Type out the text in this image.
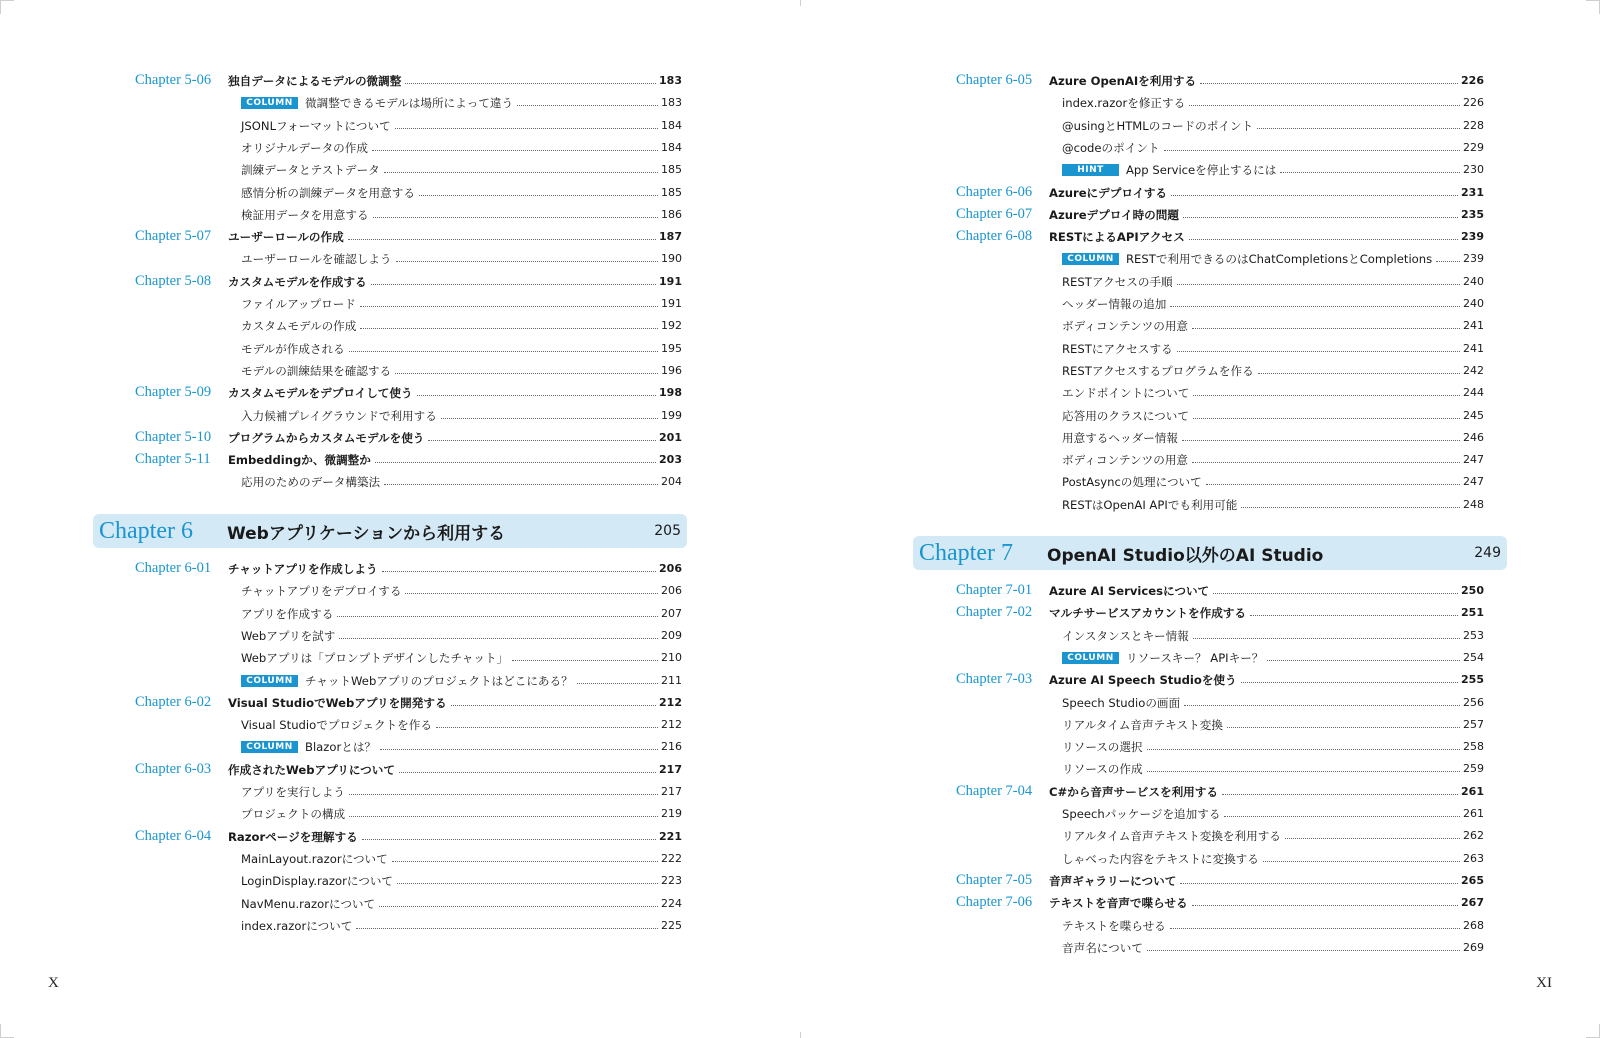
Chapter 5-06	独自データによるモデルの微調整	183
COLUMN	微調整できるモデルは場所によって違う	183
JSONLフォーマットについて	184
オリジナルデータの作成	184
訓練データとテストデータ	185
感情分析の訓練データを用意する	185
検証用データを用意する	186
Chapter 5-07	ユーザーロールの作成	187
ユーザーロールを確認しよう	190
Chapter 5-08	カスタムモデルを作成する	191
ファイルアップロード	191
カスタムモデルの作成	192
モデルが作成される	195
モデルの訓練結果を確認する	196
Chapter 5-09	カスタムモデルをデプロイして使う	198
入力候補プレイグラウンドで利用する	199
Chapter 5-10	プログラムからカスタムモデルを使う	201
Chapter 5-11	Embeddingか、微調整か	203
応用のためのデータ構築法	204
Chapter 6	Webアプリケーションから利用する	205
Chapter 6-01	チャットアプリを作成しよう	206
チャットアプリをデプロイする	206
アプリを作成する	207
Webアプリを試す	209
Webアプリは「プロンプトデザインしたチャット」	210
COLUMN	チャットWebアプリのプロジェクトはどこにある？	211
Chapter 6-02	Visual StudioでWebアプリを開発する	212
Visual Studioでプロジェクトを作る	212
COLUMN	Blazorとは？	216
Chapter 6-03	作成されたWebアプリについて	217
アプリを実行しよう	217
プロジェクトの構成	219
Chapter 6-04	Razorページを理解する	221
MainLayout.razorについて	222
LoginDisplay.razorについて	223
NavMenu.razorについて	224
index.razorについて	225
X
Chapter 6-05	Azure OpenAIを利用する	226
index.razorを修正する	226
@usingとHTMLのコードのポイント	228
@codeのポイント	229
HINT	App Serviceを停止するには	230
Chapter 6-06	Azureにデプロイする	231
Chapter 6-07	Azureデプロイ時の問題	235
Chapter 6-08	RESTによるAPIアクセス	239
COLUMN	RESTで利用できるのはChatCompletionsとCompletions	239
RESTアクセスの手順	240
ヘッダー情報の追加	240
ボディコンテンツの用意	241
RESTにアクセスする	241
RESTアクセスするプログラムを作る	242
エンドポイントについて	244
応答用のクラスについて	245
用意するヘッダー情報	246
ボディコンテンツの用意	247
PostAsyncの処理について	247
RESTはOpenAI APIでも利用可能	248
Chapter 7	OpenAI Studio以外のAI Studio	249
Chapter 7-01	Azure AI Servicesについて	250
Chapter 7-02	マルチサービスアカウントを作成する	251
インスタンスとキー情報	253
COLUMN	リソースキー？ APIキー？	254
Chapter 7-03	Azure AI Speech Studioを使う	255
Speech Studioの画面	256
リアルタイム音声テキスト変換	257
リソースの選択	258
リソースの作成	259
Chapter 7-04	C#から音声サービスを利用する	261
Speechパッケージを追加する	261
リアルタイム音声テキスト変換を利用する	262
しゃべった内容をテキストに変換する	263
Chapter 7-05	音声ギャラリーについて	265
Chapter 7-06	テキストを音声で喋らせる	267
テキストを喋らせる	268
音声名について	269
XI
